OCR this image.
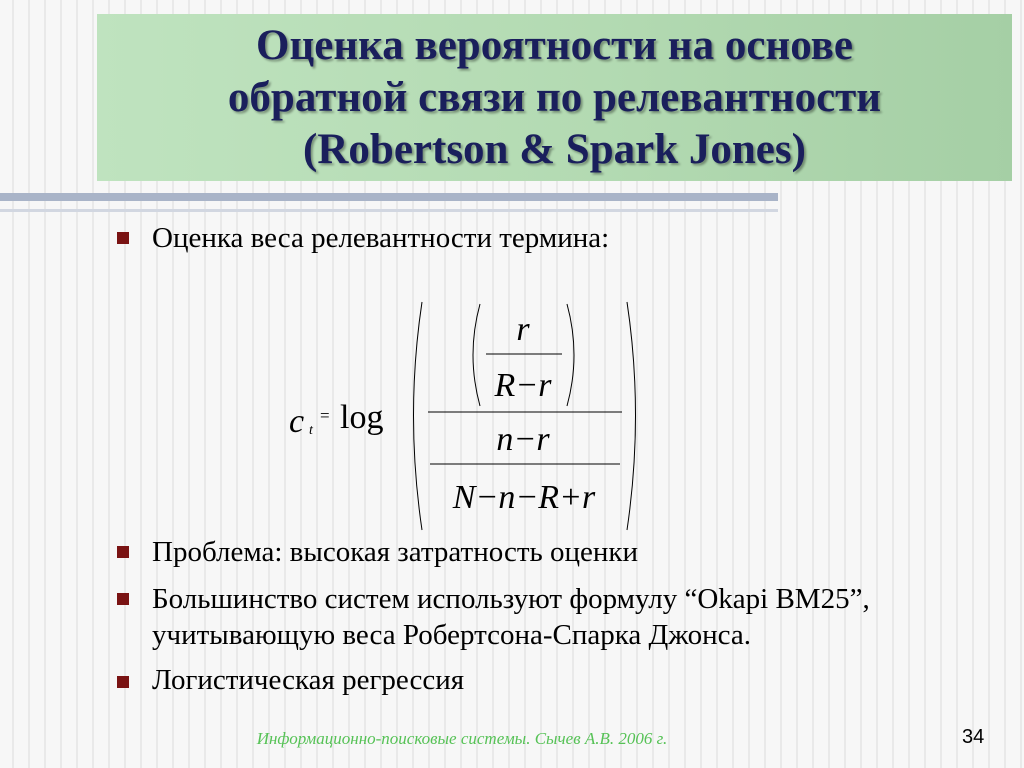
Оценка вероятности на основе
обратной связи по релевантности
(Robertson & Spark Jones)
Оценка веса релевантности термина:
c t
= log
r
R−r
n−r
N−n−R+r
Проблема: высокая затратность оценки
Большинство систем используют формулу “Okapi BM25”,
учитывающую веса Робертсона-Спарка Джонса.
Логистическая регрессия
Информационно-поисковые системы. Сычев А.В. 2006 г.	34
